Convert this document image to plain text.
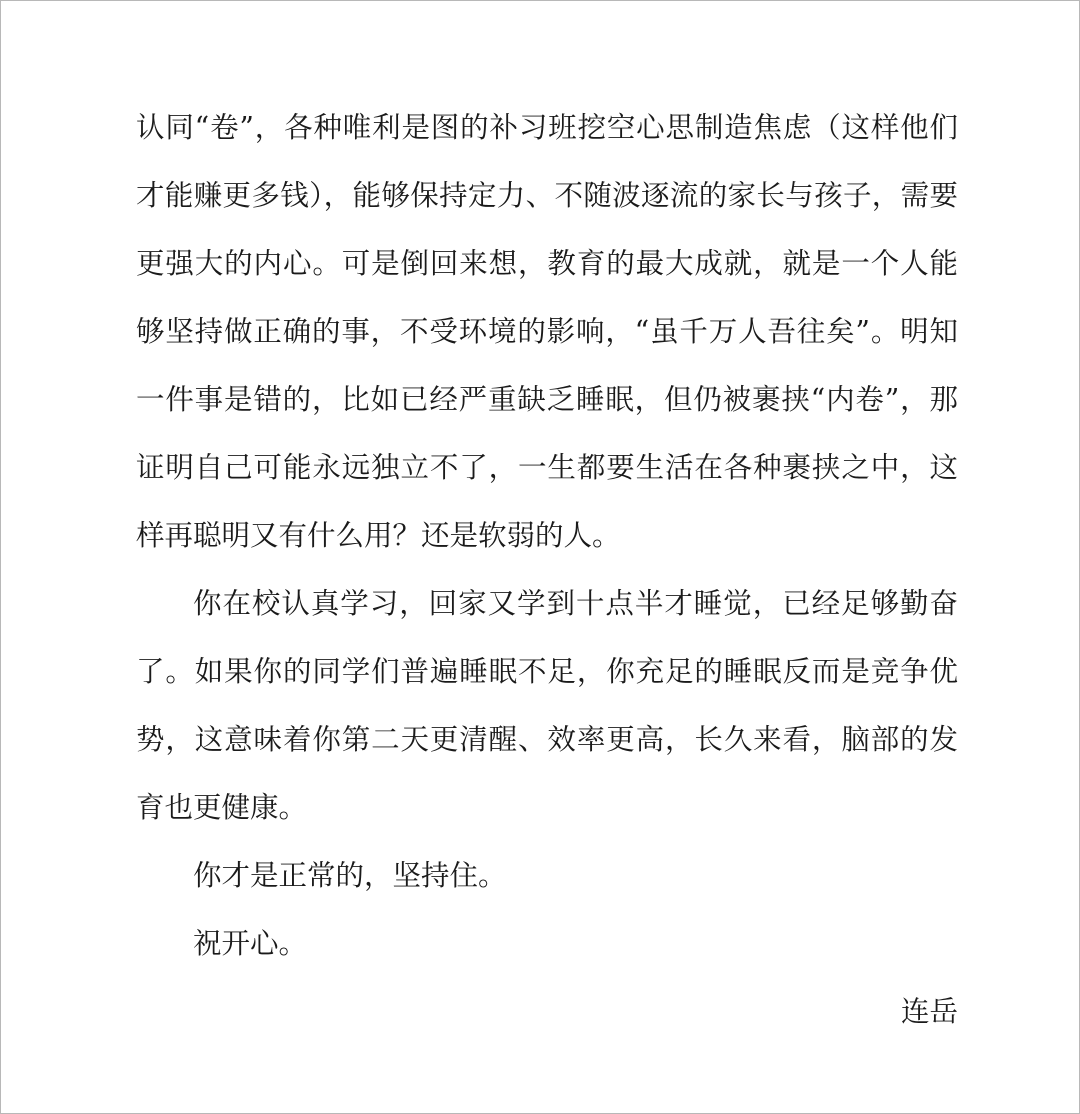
认同“卷”，各种唯利是图的补习班挖空心思制造焦虑（这样他们才能赚更多钱），能够保持定力、不随波逐流的家长与孩子，需要更强大的内心。可是倒回来想，教育的最大成就，就是一个人能够坚持做正确的事，不受环境的影响，“虽千万人吾往矣”。明知一件事是错的，比如已经严重缺乏睡眠，但仍被裹挟“内卷”，那证明自己可能永远独立不了，一生都要生活在各种裹挟之中，这样再聪明又有什么用？还是软弱的人。

你在校认真学习，回家又学到十点半才睡觉，已经足够勤奋了。如果你的同学们普遍睡眠不足，你充足的睡眠反而是竞争优势，这意味着你第二天更清醒、效率更高，长久来看，脑部的发育也更健康。

你才是正常的，坚持住。

祝开心。

连岳
